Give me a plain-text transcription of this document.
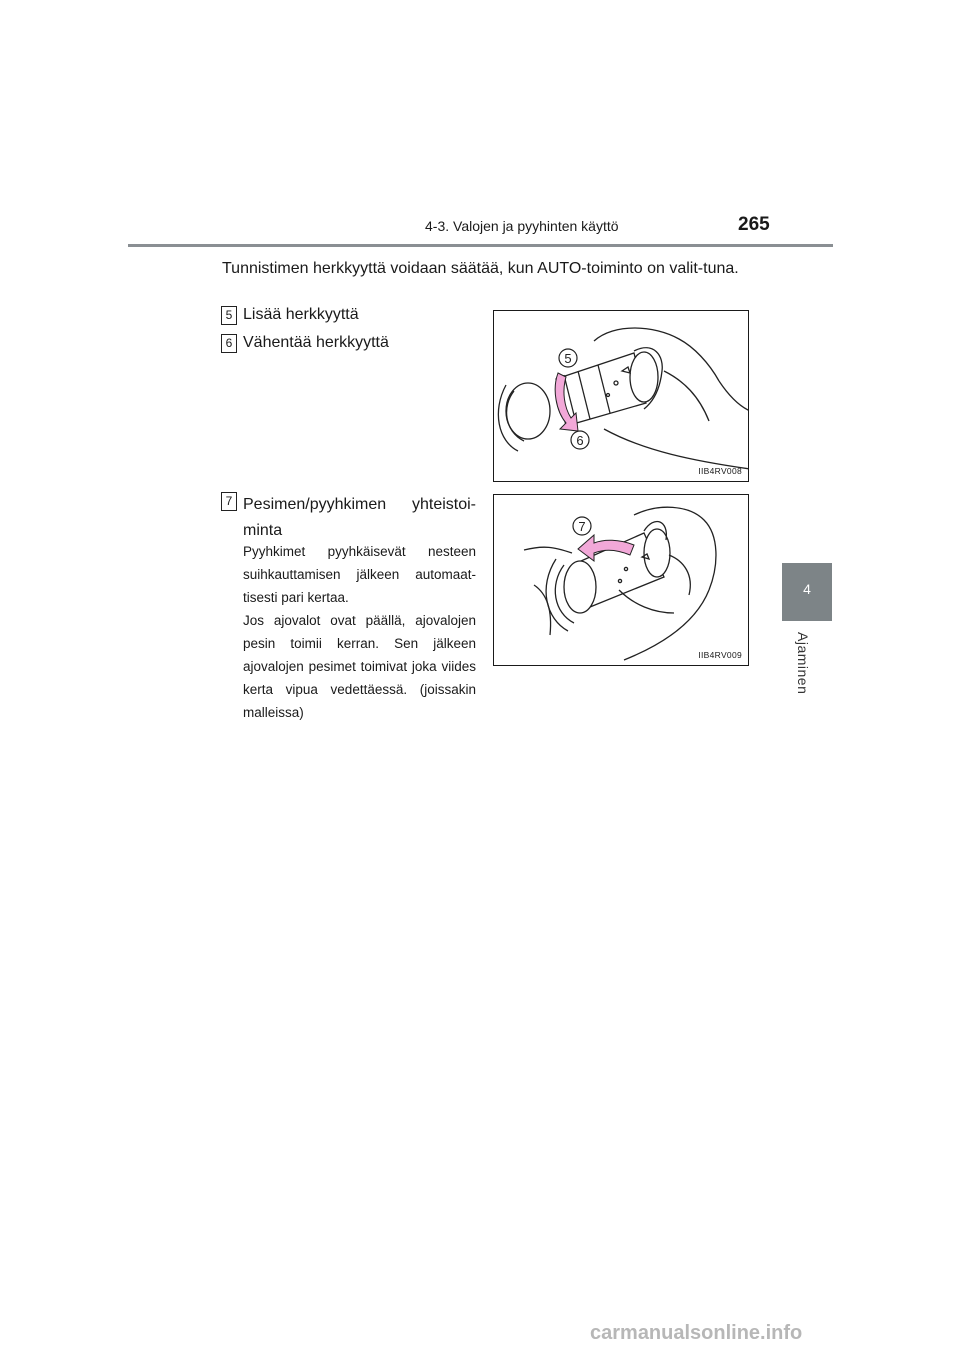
4-3. Valojen ja pyyhinten käyttö	265
4
Ajaminen
Tunnistimen herkkyyttä voidaan säätää, kun AUTO-toiminto on valit-tuna.
5 Lisää herkkyyttä
6 Vähentää herkkyyttä
7 Pesimen/pyyhkimen yhteistoi-
minta
Pyyhkimet pyyhkäisevät nesteen suihkauttamisen jälkeen automaat-tisesti pari kertaa.
Jos ajovalot ovat päällä, ajovalojen pesin toimii kerran. Sen jälkeen ajovalojen pesimet toimivat joka viides kerta vipua vedettäessä. (joissakin malleissa)
5
6
IIB4RV008
7
IIB4RV009
carmanualsonline.info
